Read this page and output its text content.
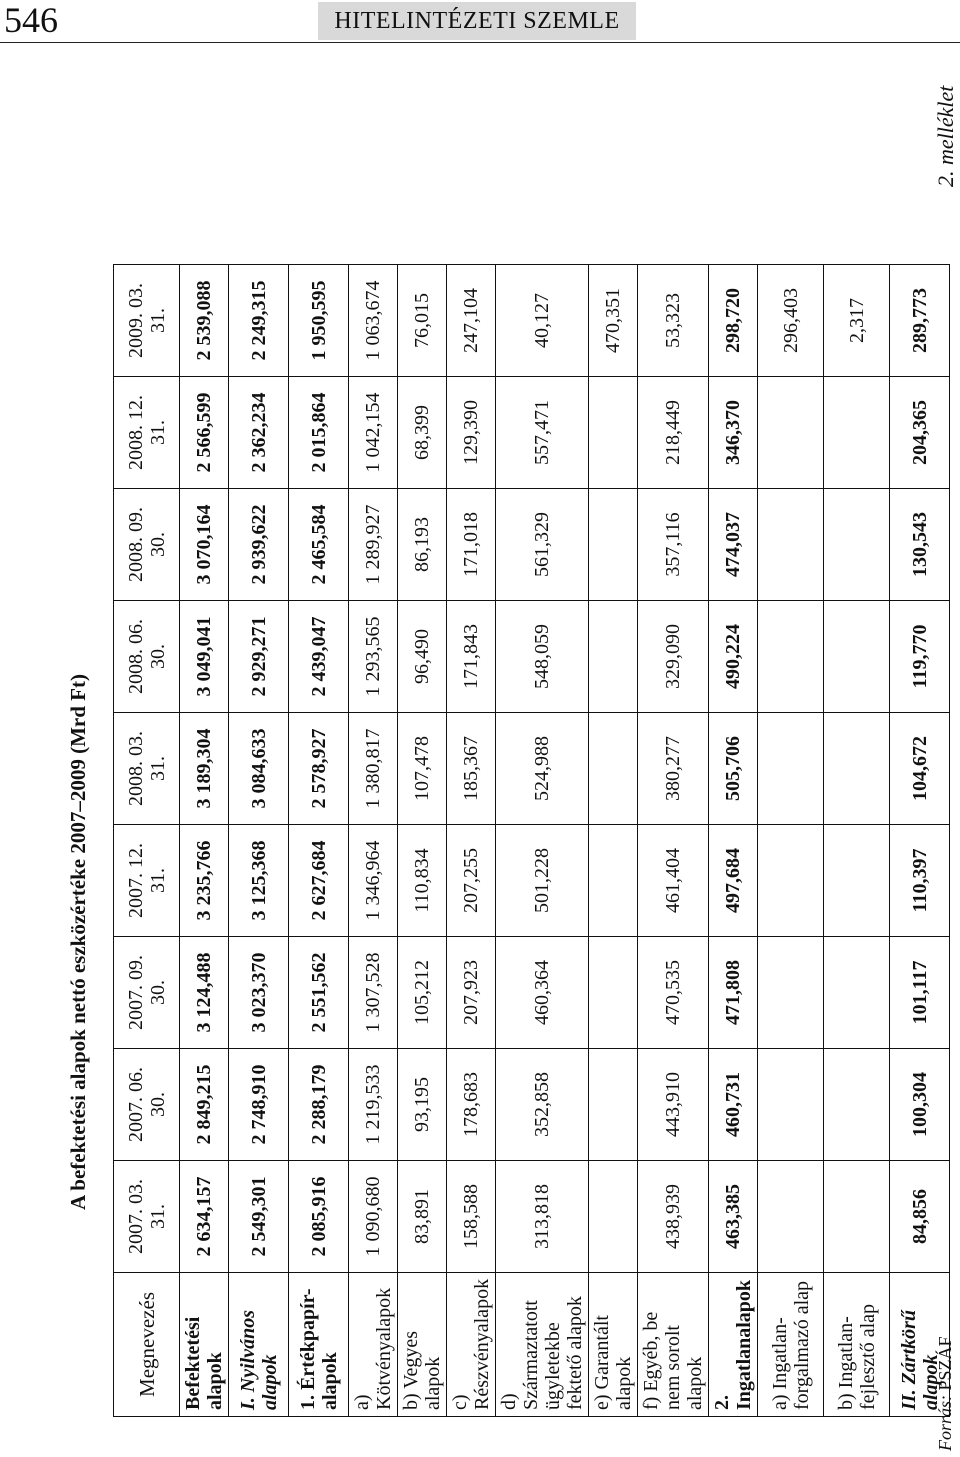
546	HITELINTÉZETI SZEMLE
2. melléklet
A befektetési alapok nettó eszközértéke 2007–2009 (Mrd Ft)
Megnevezés	2007. 03. 31.	2007. 06. 30.	2007. 09. 30.	2007. 12. 31.	2008. 03. 31.	2008. 06. 30.	2008. 09. 30.	2008. 12. 31.	2009. 03. 31.
Befektetési alapok	2 634,157	2 849,215	3 124,488	3 235,766	3 189,304	3 049,041	3 070,164	2 566,599	2 539,088
I. Nyilvános alapok	2 549,301	2 748,910	3 023,370	3 125,368	3 084,633	2 929,271	2 939,622	2 362,234	2 249,315
1. Értékpapír-alapok	2 085,916	2 288,179	2 551,562	2 627,684	2 578,927	2 439,047	2 465,584	2 015,864	1 950,595
a) Kötvényalapok	1 090,680	1 219,533	1 307,528	1 346,964	1 380,817	1 293,565	1 289,927	1 042,154	1 063,674
b) Vegyes alapok	83,891	93,195	105,212	110,834	107,478	96,490	86,193	68,399	76,015
c) Részvényalapok	158,588	178,683	207,923	207,255	185,367	171,843	171,018	129,390	247,104
d) Származtatott ügyletekbe fektető alapok	313,818	352,858	460,364	501,228	524,988	548,059	561,329	557,471	40,127
e) Garantált alapok									470,351
f) Egyéb, be nem sorolt alapok	438,939	443,910	470,535	461,404	380,277	329,090	357,116	218,449	53,323
2. Ingatlanalapok	463,385	460,731	471,808	497,684	505,706	490,224	474,037	346,370	298,720
a) Ingatlan-forgalmazó alap									296,403
b) Ingatlan-fejlesztő alap									2,317
II. Zártkörű alapok	84,856	100,304	101,117	110,397	104,672	119,770	130,543	204,365	289,773
Forrás: PSZÁF
